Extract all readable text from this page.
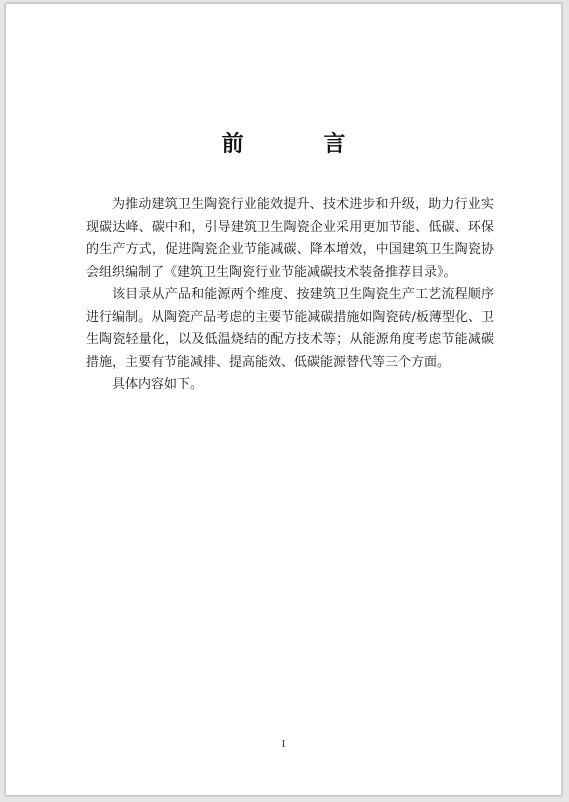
前 言

为推动建筑卫生陶瓷行业能效提升、技术进步和升级，助力行业实现碳达峰、碳中和，引导建筑卫生陶瓷企业采用更加节能、低碳、环保的生产方式，促进陶瓷企业节能减碳、降本增效，中国建筑卫生陶瓷协会组织编制了《建筑卫生陶瓷行业节能减碳技术装备推荐目录》。

该目录从产品和能源两个维度、按建筑卫生陶瓷生产工艺流程顺序进行编制。从陶瓷产品考虑的主要节能减碳措施如陶瓷砖/板薄型化、卫生陶瓷轻量化，以及低温烧结的配方技术等；从能源角度考虑节能减碳措施，主要有节能减排、提高能效、低碳能源替代等三个方面。

具体内容如下。

I
